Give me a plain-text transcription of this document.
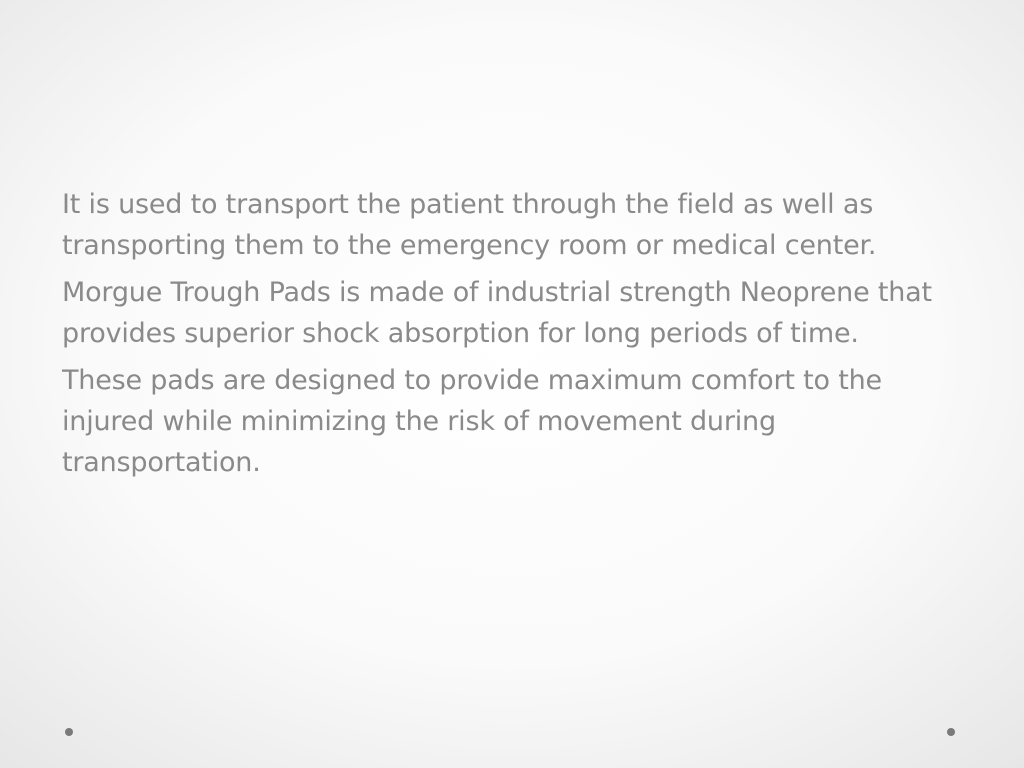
It is used to transport the patient through the field as well as transporting them to the emergency room or medical center.

Morgue Trough Pads is made of industrial strength Neoprene that provides superior shock absorption for long periods of time.

These pads are designed to provide maximum comfort to the injured while minimizing the risk of movement during transportation.
